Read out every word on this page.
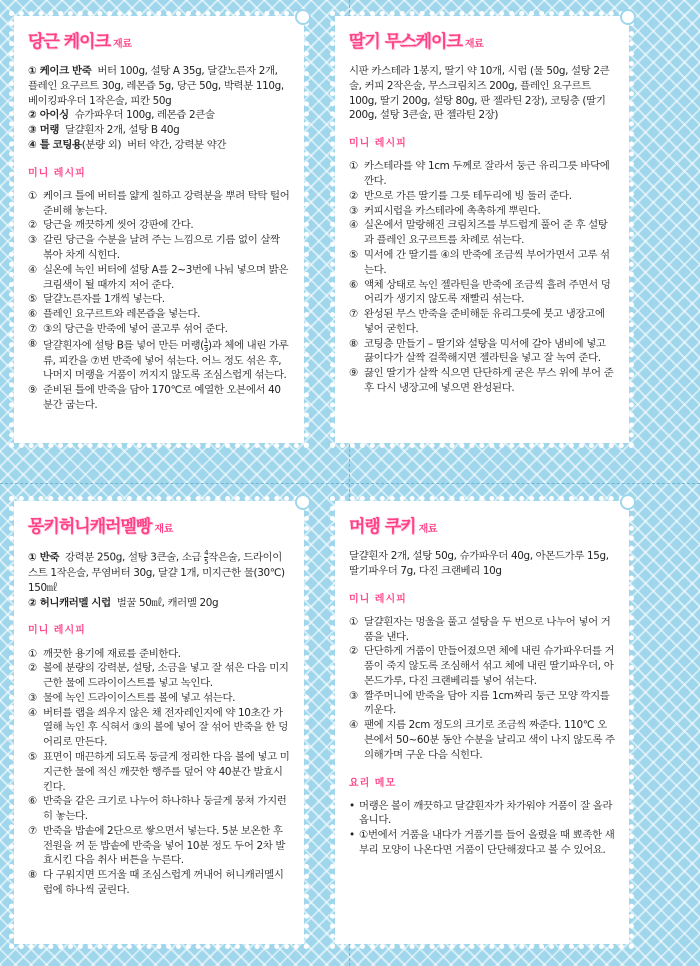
당근 케이크 재료

① 케이크 반죽 버터 100g, 설탕 A 35g, 달걀노른자 2개, 플레인 요구르트 30g, 레몬즙 5g, 당근 50g, 박력분 110g, 베이킹파우더 1작은술, 피칸 50g

② 아이싱 슈가파우더 100g, 레몬즙 2큰술

③ 머랭 달걀흰자 2개, 설탕 B 40g

④ 틀 코팅용(분량 외) 버터 약간, 강력분 약간

미니 레시피
① 케이크 틀에 버터를 얇게 칠하고 강력분을 뿌려 탁탁 털어 준비해 놓는다.
② 당근을 깨끗하게 씻어 강판에 간다.
③ 갈린 당근을 수분을 날려 주는 느낌으로 기름 없이 살짝 볶아 차게 식힌다.
④ 실온에 녹인 버터에 설탕 A를 2~3번에 나눠 넣으며 밝은 크림색이 될 때까지 저어 준다.
⑤ 달걀노른자를 1개씩 넣는다.
⑥ 플레인 요구르트와 레몬즙을 넣는다.
⑦ ③의 당근을 반죽에 넣어 골고루 섞어 준다.
⑧ 달걀흰자에 설탕 B를 넣어 만든 머랭( $\frac{1}{3}$ )과 체에 내린 가루류, 피칸을 ⑦번 반죽에 넣어 섞는다. 어느 정도 섞은 후, 나머지 머랭을 거품이 꺼지지 않도록 조심스럽게 섞는다.
⑨ 준비된 틀에 반죽을 담아 170℃로 예열한 오븐에서 40분간 굽는다.
딸기 무스케이크 재료

시판 카스테라 1봉지, 딸기 약 10개, 시럽 (물 50g, 설탕 2큰술, 커피 2작은술, 무스크림치즈 200g, 플레인 요구르트 100g, 딸기 200g, 설탕 80g, 판 젤라틴 2장), 코팅층 (딸기 200g, 설탕 3큰술, 판 젤라틴 2장)

미니 레시피
① 카스테라를 약 1cm 두께로 잘라서 둥근 유리그릇 바닥에 깐다.
② 반으로 가른 딸기를 그릇 테두리에 빙 둘러 준다.
③ 커피시럽을 카스테라에 촉촉하게 뿌린다.
④ 실온에서 말랑해진 크림치즈를 부드럽게 풀어 준 후 설탕과 플레인 요구르트를 차례로 섞는다.
⑤ 믹서에 간 딸기를 ④의 반죽에 조금씩 부어가면서 고루 섞는다.
⑥ 액체 상태로 녹인 젤라틴을 반죽에 조금씩 흘려 주면서 덩어리가 생기지 않도록 재빨리 섞는다.
⑦ 완성된 무스 반죽을 준비해둔 유리그릇에 붓고 냉장고에 넣어 굳힌다.
⑧ 코팅층 만들기 – 딸기와 설탕을 믹서에 갈아 냄비에 넣고 끓이다가 살짝 걸쭉해지면 젤라틴을 넣고 잘 녹여 준다.
⑨ 끓인 딸기가 살짝 식으면 단단하게 굳은 무스 위에 부어 준 후 다시 냉장고에 넣으면 완성된다.
몽키허니캐러멜빵 재료

① 반죽 강력분 250g, 설탕 3큰술, 소금 $\frac{4}{5}$ 작은술, 드라이이스트 1작은술, 무염버터 30g, 달걀 1개, 미지근한 물(30℃) 150㎖

② 허니캐러멜 시럽 벌꿀 50㎖, 캐러멜 20g

미니 레시피
① 깨끗한 용기에 재료를 준비한다.
② 볼에 분량의 강력분, 설탕, 소금을 넣고 잘 섞은 다음 미지근한 물에 드라이이스트를 넣고 녹인다.
③ 물에 녹인 드라이이스트를 볼에 넣고 섞는다.
④ 버터를 랩을 씌우지 않은 채 전자레인지에 약 10초간 가열해 녹인 후 식혀서 ③의 볼에 넣어 잘 섞어 반죽을 한 덩어리로 만든다.
⑤ 표면이 매끈하게 되도록 둥글게 정리한 다음 볼에 넣고 미지근한 물에 적신 깨끗한 행주를 덮어 약 40분간 발효시킨다.
⑥ 반죽을 같은 크기로 나누어 하나하나 둥글게 뭉쳐 가지런히 놓는다.
⑦ 반죽을 밥솥에 2단으로 쌓으면서 넣는다. 5분 보온한 후 전원을 꺼 둔 밥솥에 반죽을 넣어 10분 정도 두어 2차 발효시킨 다음 취사 버튼을 누른다.
⑧ 다 구워지면 뜨거울 때 조심스럽게 꺼내어 허니캐러멜시럽에 하나씩 굴린다.
머랭 쿠키 재료

달걀흰자 2개, 설탕 50g, 슈가파우더 40g, 아몬드가루 15g, 딸기파우더 7g, 다진 크랜베리 10g

미니 레시피
① 달걀흰자는 멍울을 풀고 설탕을 두 번으로 나누어 넣어 거품을 낸다.
② 단단하게 거품이 만들어졌으면 체에 내린 슈가파우더를 거품이 죽지 않도록 조심해서 섞고 체에 내린 딸기파우더, 아몬드가루, 다진 크랜베리를 넣어 섞는다.
③ 짤주머니에 반죽을 담아 지름 1cm짜리 둥근 모양 깍지를 끼운다.
④ 팬에 지름 2cm 정도의 크기로 조금씩 짜준다. 110℃ 오븐에서 50~60분 동안 수분을 날리고 색이 나지 않도록 주의해가며 구운 다음 식힌다.
요리 메모
• 머랭은 볼이 깨끗하고 달걀흰자가 차가워야 거품이 잘 올라옵니다.
• ①번에서 거품을 내다가 거품기를 들어 올렸을 때 뾰족한 새 부리 모양이 나온다면 거품이 단단해졌다고 볼 수 있어요.
